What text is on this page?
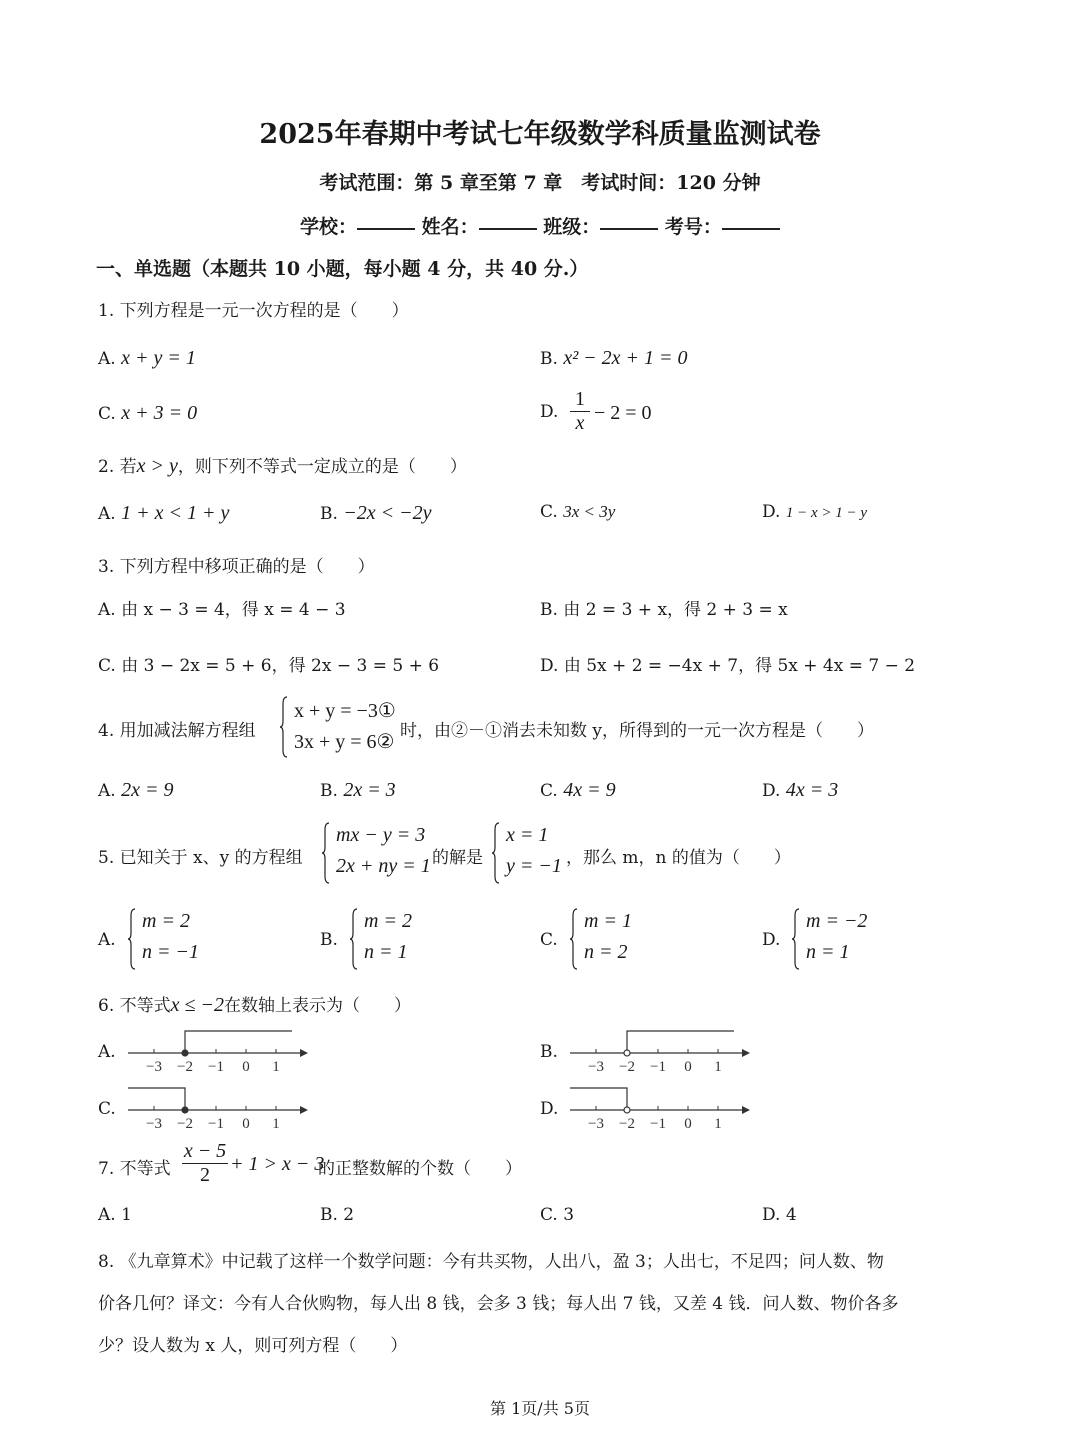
2025年春期中考试七年级数学科质量监测试卷
考试范围：第 5 章至第 7 章　考试时间：120 分钟
学校：	姓名：	班级：	考号：
一、单选题（本题共 10 小题，每小题 4 分，共 40 分.）
1. 下列方程是一元一次方程的是（　　）
A. x + y = 1	B. x² − 2x + 1 = 0
C. x + 3 = 0	D. $\frac{1}{x} - 2 = 0$
2. 若x > y，则下列不等式一定成立的是（　　）
A. 1 + x < 1 + y	B. −2x < −2y	C. 3x < 3y	D. 1 − x > 1 − y
3. 下列方程中移项正确的是（　　）
A. 由 x − 3 = 4，得 x = 4 − 3	B. 由 2 = 3 + x，得 2 + 3 = x
C. 由 3 − 2x = 5 + 6，得 2x − 3 = 5 + 6	D. 由 5x + 2 = −4x + 7，得 5x + 4x = 7 − 2
4. 用加减法解方程组
x + y = −3①
3x + y = 6② 时，由②－①消去未知数 y，所得到的一元一次方程是（　　）
A. 2x = 9	B. 2x = 3	C. 4x = 9	D. 4x = 3
5. 已知关于 x、y 的方程组
mx − y = 3
2x + ny = 1 的解是
x = 1
y = −1 ，那么 m，n 的值为（　　）
A.
m = 2
n = −1
B.
m = 2
n = 1
C.
m = 1
n = 2
D.
m = −2
n = 1
6. 不等式x ≤ −2在数轴上表示为（　　）
A.
−3 −2 −1 0 1
B.
−3 −2 −1 0 1
C.
−3 −2 −1 0 1
D.
−3 −2 −1 0 1
7. 不等式 $\frac{x - 5}{2} + 1 > x - 3$
的正整数解的个数（　　）
A. 1	B. 2	C. 3	D. 4
8. 《九章算术》中记载了这样一个数学问题：今有共买物，人出八，盈 3；人出七，不足四；问人数、物
价各几何？译文：今有人合伙购物，每人出 8 钱，会多 3 钱；每人出 7 钱，又差 4 钱．问人数、物价各多
少？设人数为 x 人，则可列方程（　　）
第 1页/共 5页
